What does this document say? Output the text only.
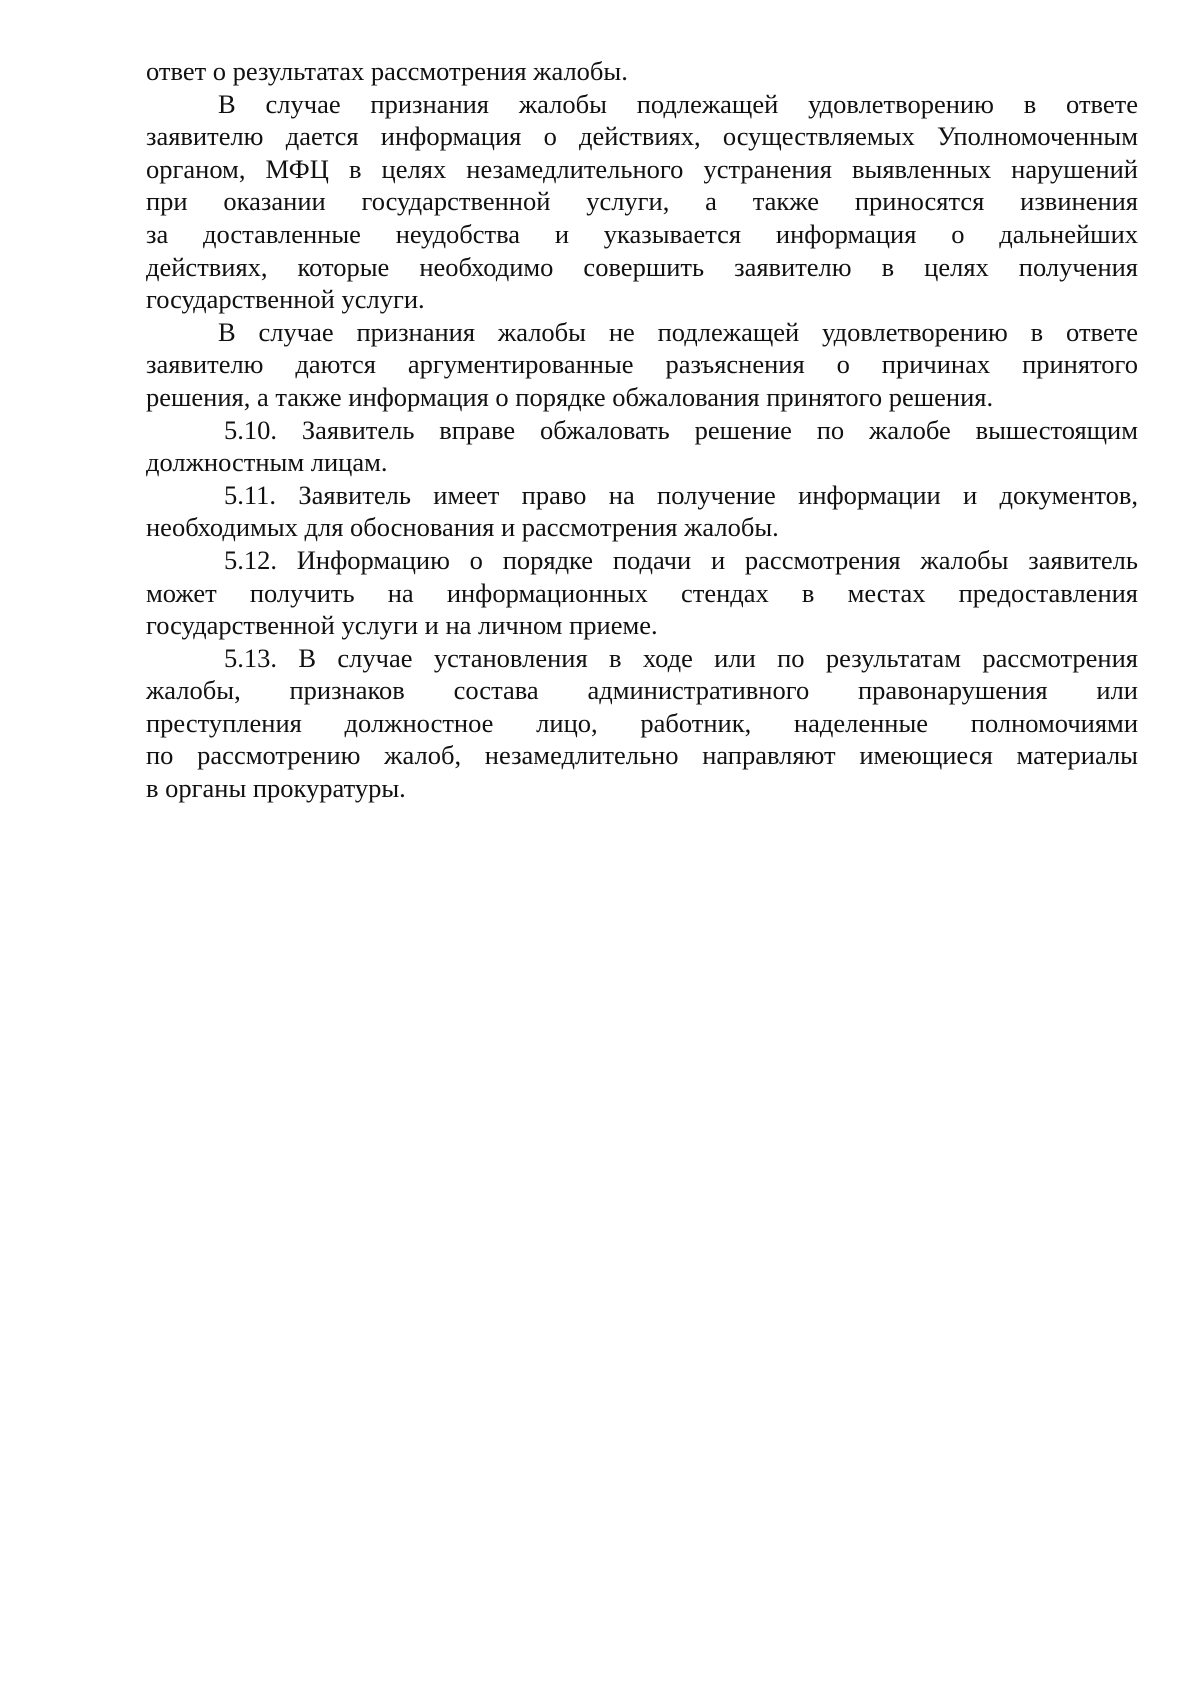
ответ о результатах рассмотрения жалобы.
В случае признания жалобы подлежащей удовлетворению в ответе
заявителю дается информация о действиях, осуществляемых Уполномоченным
органом, МФЦ в целях незамедлительного устранения выявленных нарушений
при оказании государственной услуги, а также приносятся извинения
за доставленные неудобства и указывается информация о дальнейших
действиях, которые необходимо совершить заявителю в целях получения
государственной услуги.
В случае признания жалобы не подлежащей удовлетворению в ответе
заявителю даются аргументированные разъяснения о причинах принятого
решения, а также информация о порядке обжалования принятого решения.
5.10. Заявитель вправе обжаловать решение по жалобе вышестоящим
должностным лицам.
5.11. Заявитель имеет право на получение информации и документов,
необходимых для обоснования и рассмотрения жалобы.
5.12. Информацию о порядке подачи и рассмотрения жалобы заявитель
может получить на информационных стендах в местах предоставления
государственной услуги и на личном приеме.
5.13. В случае установления в ходе или по результатам рассмотрения
жалобы, признаков состава административного правонарушения или
преступления должностное лицо, работник, наделенные полномочиями
по рассмотрению жалоб, незамедлительно направляют имеющиеся материалы
в органы прокуратуры.
